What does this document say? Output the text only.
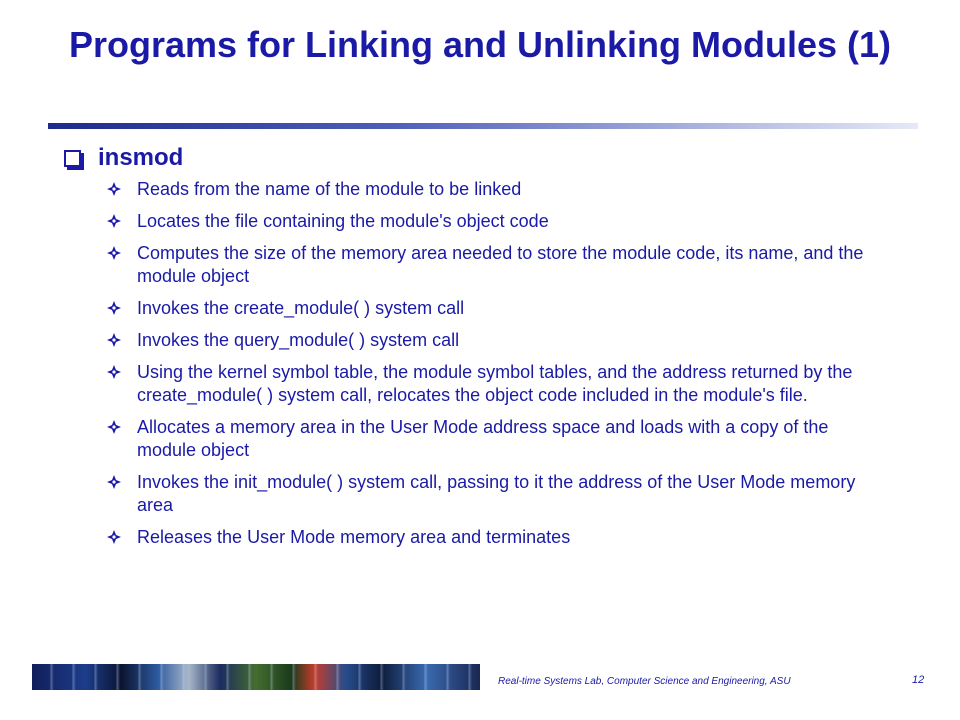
Programs for Linking and Unlinking Modules (1)
insmod
Reads from the name of the module to be linked
Locates the file containing the module's object code
Computes the size of the memory area needed to store the module code, its name, and the module object
Invokes the create_module( ) system call
Invokes the query_module( ) system call
Using the kernel symbol table, the module symbol tables, and the address returned by the create_module( ) system call, relocates the object code included in the module's file.
Allocates a memory area in the User Mode address space and loads with a copy of the module object
Invokes the init_module( ) system call, passing to it the address of the User Mode memory area
Releases the User Mode memory area and terminates
Real-time Systems Lab, Computer Science and Engineering, ASU	12
